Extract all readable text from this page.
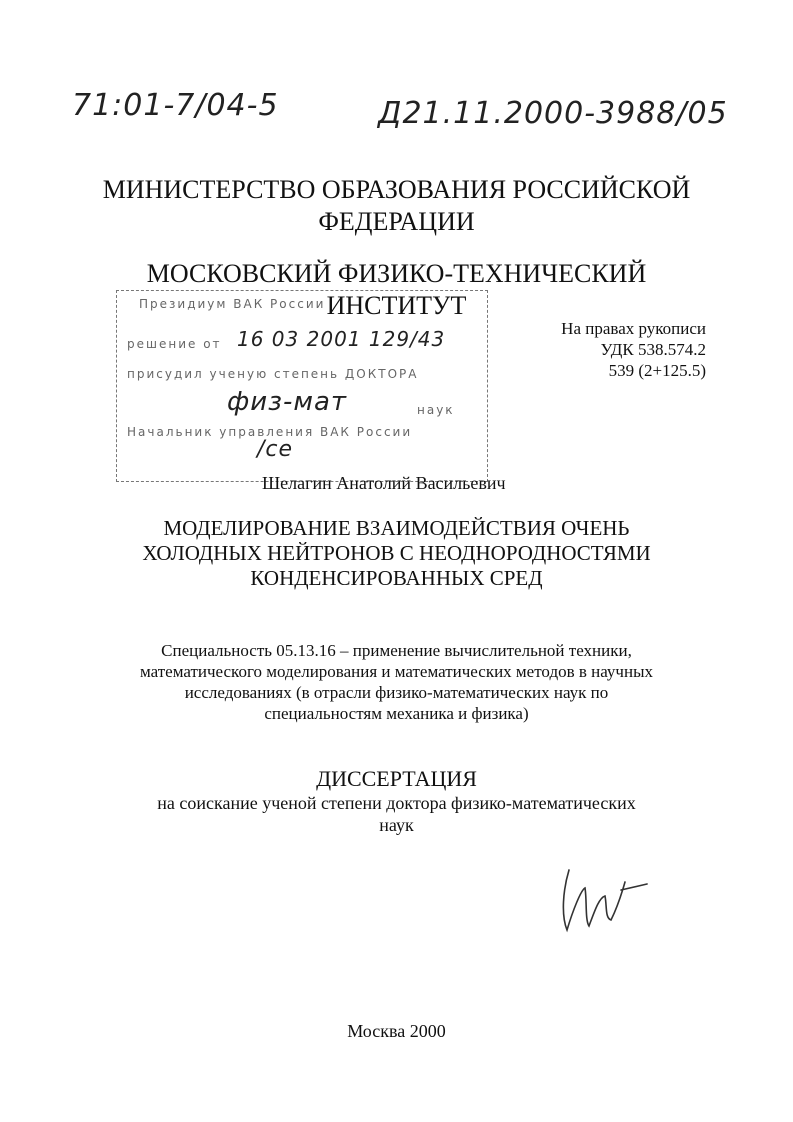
71:01-7/04-5	Д21.11.2000-3988/05
МИНИСТЕРСТВО ОБРАЗОВАНИЯ РОССИЙСКОЙ
ФЕДЕРАЦИИ
МОСКОВСКИЙ ФИЗИКО-ТЕХНИЧЕСКИЙ
ИНСТИТУТ
Президиум ВАК России
решение от
присудил ученую степень ДОКТОРА
наук
Начальник управления ВАК России
16 03 2001 129/43
физ-мат
/се
На правах рукописи
УДК 538.574.2
539 (2+125.5)
Шелагин Анатолий Васильевич
МОДЕЛИРОВАНИЕ ВЗАИМОДЕЙСТВИЯ ОЧЕНЬ
ХОЛОДНЫХ НЕЙТРОНОВ С НЕОДНОРОДНОСТЯМИ
КОНДЕНСИРОВАННЫХ СРЕД
Специальность 05.13.16 – применение вычислительной техники,
математического моделирования и математических методов в научных
исследованиях (в отрасли физико-математических наук по
специальностям механика и физика)
ДИССЕРТАЦИЯ
на соискание ученой степени доктора физико-математических
наук
Москва 2000
